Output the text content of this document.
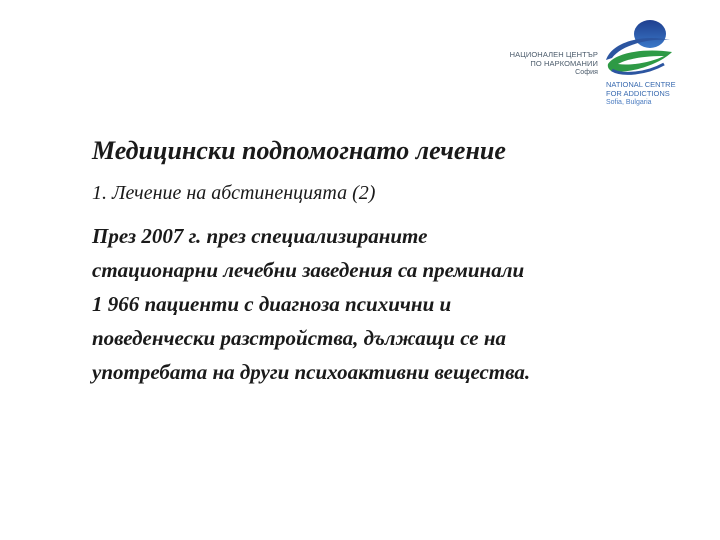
НАЦИОНАЛЕН ЦЕНТЪР
ПО НАРКОМАНИИ
София
NATIONAL CENTRE
FOR ADDICTIONS
Sofia, Bulgaria
Медицински подпомогнато лечение

1. Лечение на абстиненцията (2)

През 2007 г. през специализираните
стационарни лечебни заведения са преминали
1 966 пациенти с диагноза психични и
поведенчески разстройства, дължащи се на
употребата на други психоактивни вещества.
